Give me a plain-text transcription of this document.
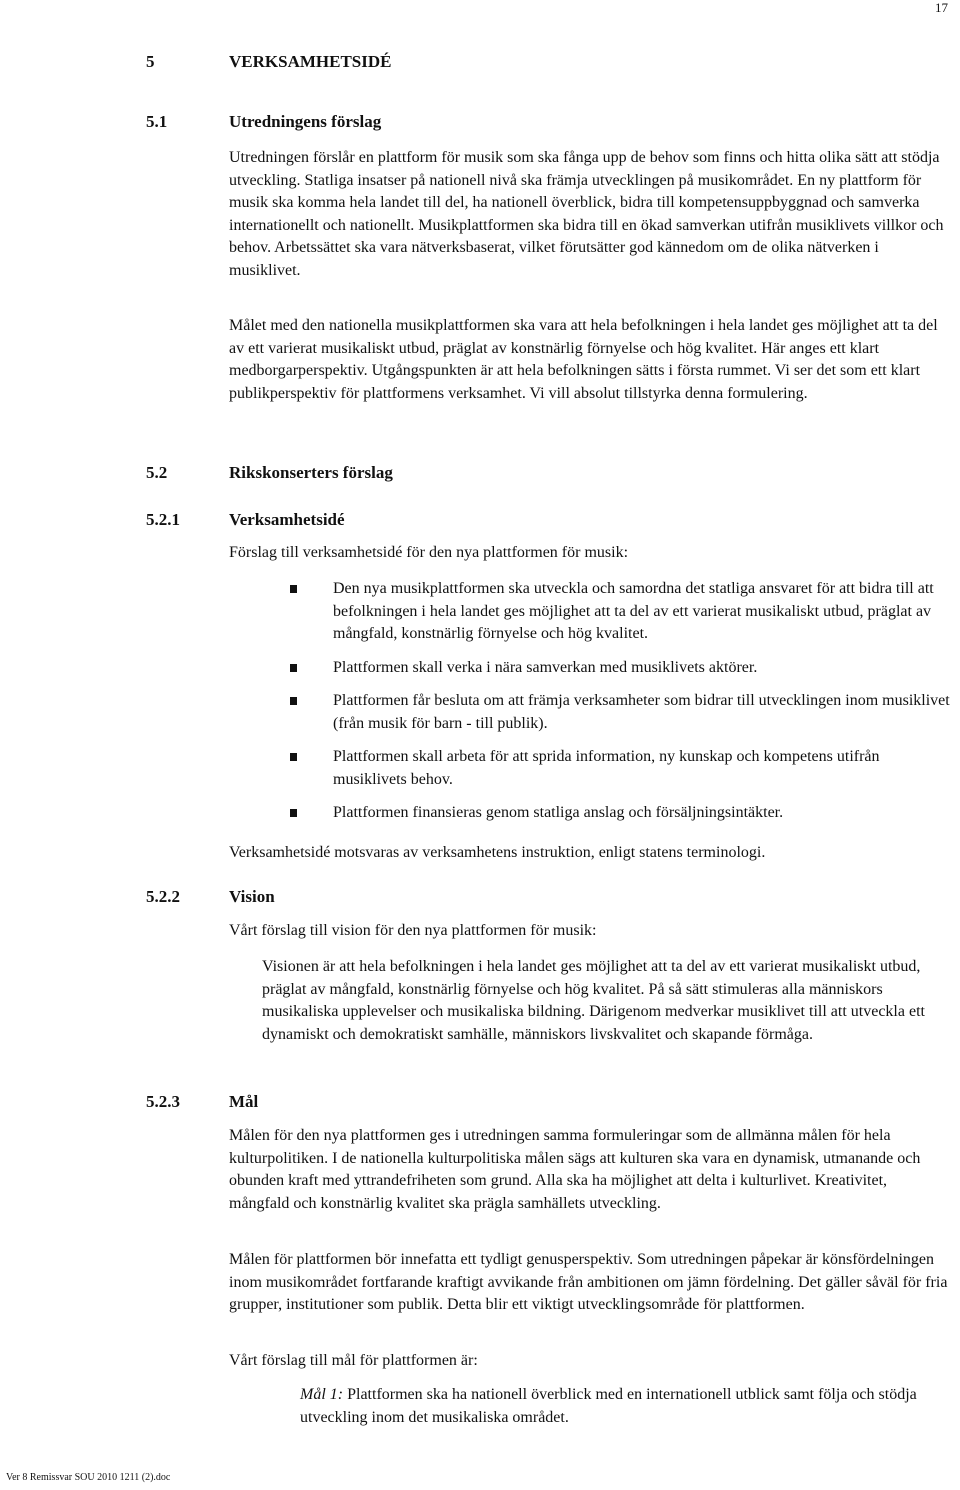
17
5	VERKSAMHETSIDÉ
5.1	Utredningens förslag
Utredningen förslår en plattform för musik som ska fånga upp de behov som finns och hitta olika sätt att stödja utveckling. Statliga insatser på nationell nivå ska främja utvecklingen på musikområdet. En ny plattform för musik ska komma hela landet till del, ha nationell överblick, bidra till kompetensuppbyggnad och samverka internationellt och nationellt. Musikplattformen ska bidra till en ökad samverkan utifrån musiklivets villkor och behov. Arbetssättet ska vara nätverksbaserat, vilket förutsätter god kännedom om de olika nätverken i musiklivet.
Målet med den nationella musikplattformen ska vara att hela befolkningen i hela landet ges möjlighet att ta del av ett varierat musikaliskt utbud, präglat av konstnärlig förnyelse och hög kvalitet. Här anges ett klart medborgarperspektiv. Utgångspunkten är att hela befolkningen sätts i första rummet. Vi ser det som ett klart publikperspektiv för plattformens verksamhet. Vi vill absolut tillstyrka denna formulering.
5.2	Rikskonserters förslag
5.2.1	Verksamhetsidé
Förslag till verksamhetsidé för den nya plattformen för musik:
Den nya musikplattformen ska utveckla och samordna det statliga ansvaret för att bidra till att befolkningen i hela landet ges möjlighet att ta del av ett varierat musikaliskt utbud, präglat av mångfald, konstnärlig förnyelse och hög kvalitet.
Plattformen skall verka i nära samverkan med musiklivets aktörer.
Plattformen får besluta om att främja verksamheter som bidrar till utvecklingen inom musiklivet (från musik för barn - till publik).
Plattformen skall arbeta för att sprida information, ny kunskap och kompetens utifrån musiklivets behov.
Plattformen finansieras genom statliga anslag och försäljningsintäkter.
Verksamhetsidé motsvaras av verksamhetens instruktion, enligt statens terminologi.
5.2.2	Vision
Vårt förslag till vision för den nya plattformen för musik:
Visionen är att hela befolkningen i hela landet ges möjlighet att ta del av ett varierat musikaliskt utbud, präglat av mångfald, konstnärlig förnyelse och hög kvalitet. På så sätt stimuleras alla människors musikaliska upplevelser och musikaliska bildning. Därigenom medverkar musiklivet till att utveckla ett dynamiskt och demokratiskt samhälle, människors livskvalitet och skapande förmåga.
5.2.3	Mål
Målen för den nya plattformen ges i utredningen samma formuleringar som de allmänna målen för hela kulturpolitiken. I de nationella kulturpolitiska målen sägs att kulturen ska vara en dynamisk, utmanande och obunden kraft med yttrandefriheten som grund. Alla ska ha möjlighet att delta i kulturlivet. Kreativitet, mångfald och konstnärlig kvalitet ska prägla samhällets utveckling.
Målen för plattformen bör innefatta ett tydligt genusperspektiv. Som utredningen påpekar är könsfördelningen inom musikområdet fortfarande kraftigt avvikande från ambitionen om jämn fördelning. Det gäller såväl för fria grupper, institutioner som publik. Detta blir ett viktigt utvecklingsområde för plattformen.
Vårt förslag till mål för plattformen är:
Mål 1: Plattformen ska ha nationell överblick med en internationell utblick samt följa och stödja utveckling inom det musikaliska området.
Ver 8 Remissvar SOU 2010 1211 (2).doc
